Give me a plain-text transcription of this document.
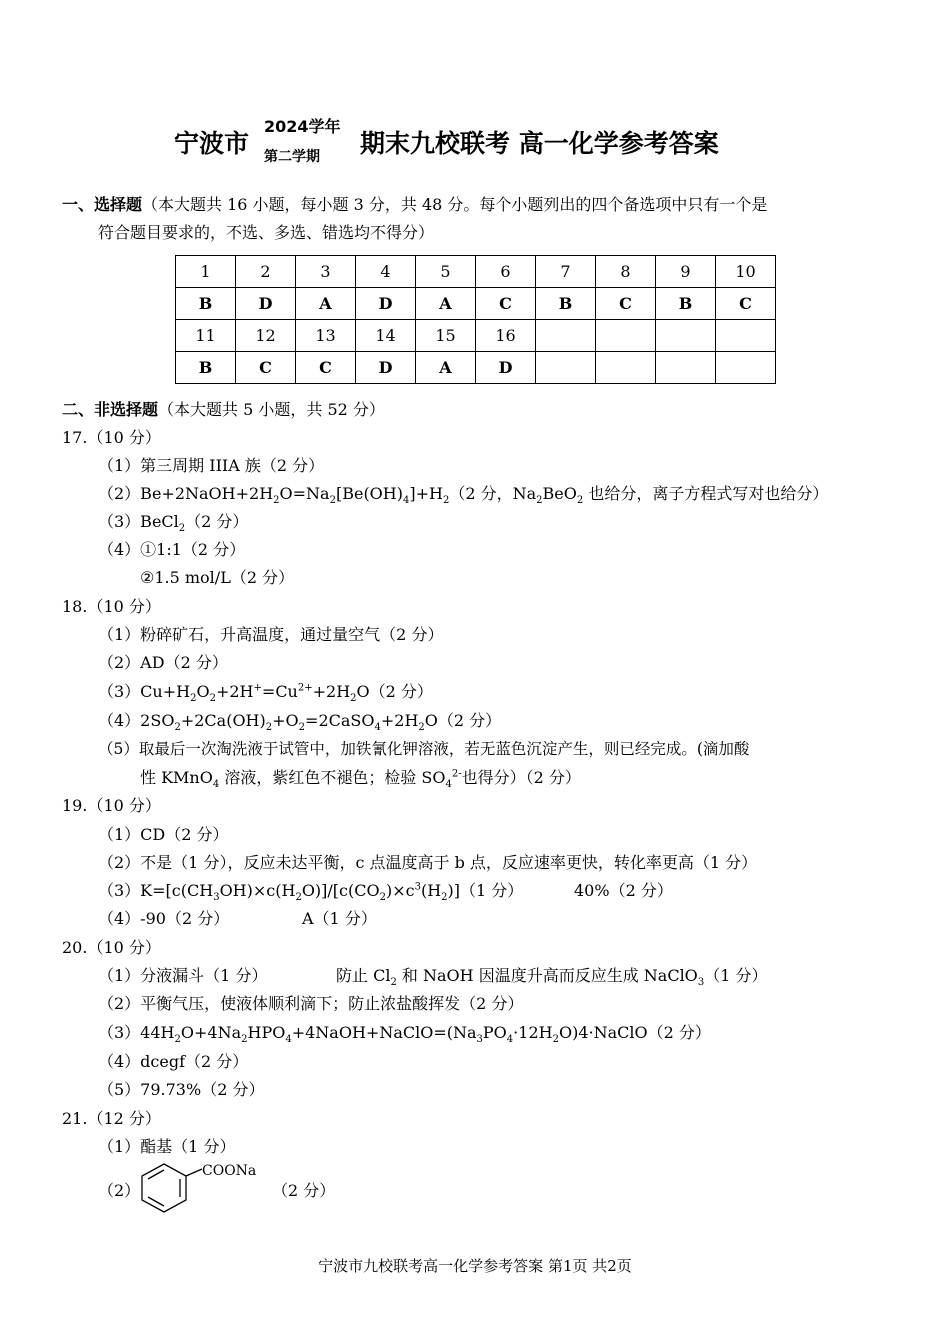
宁波市
2024学年
第二学期	期末九校联考 高一化学参考答案
一、选择题（本大题共 16 小题，每小题 3 分，共 48 分。每个小题列出的四个备选项中只有一个是
符合题目要求的，不选、多选、错选均不得分）
1	2	3	4	5	6	7	8	9	10
B	D	A	D	A	C	B	C	B	C
11	12	13	14	15	16				
B	C	C	D	A	D				
二、非选择题（本大题共 5 小题，共 52 分）
17.（10 分）
（1）第三周期 IIIA 族（2 分）
$(2)Be+2NaOH+2H_2O=Na_2[Be(OH)_4]+H_2(2$ 分，$Na_2BeO_2$ 也给分，离子方程式写对也给分）
（3）BeCl$_2$（2 分）
（4）①1:1（2 分）
②1.5 mol/L（2 分）
18.（10 分）
（1）粉碎矿石，升高温度，通过量空气（2 分）
（2）AD（2 分）
$(3)Cu+H_2O_2+2H^+=Cu^{2+}+2H_2O(2$ 分）
$(4)2SO_2+2Ca(OH)_2+O_2=2CaSO_4+2H_2O(2$ 分）
（5）取最后一次淘洗液于试管中，加铁氰化钾溶液，若无蓝色沉淀产生，则已经完成。(滴加酸
性 KMnO$_4$ 溶液，紫红色不褪色；检验 $SO_4^{2-}$也得分）（2 分）
19.（10 分）
（1）CD（2 分）
（2）不是（1 分），反应未达平衡，c 点温度高于 b 点，反应速率更快，转化率更高（1 分）
$(3)K=[c(CH_3OH)\times c(H_2O)]/[c(CO_2)\times c^3(H_2)](1$ 分）	40%（2 分）
（4）-90（2 分）	A（1 分）
20.（10 分）
（1）分液漏斗（1 分）	防止 $Cl_2$ 和 NaOH 因温度升高而反应生成 NaClO$_3$（1 分）
（2）平衡气压，使液体顺利滴下；防止浓盐酸挥发（2 分）
$(3)44H_2O+4Na_2HPO_4+4NaOH+NaClO=(Na_3PO_4\cdot 12H_2O)4\cdot NaClO(2$ 分）
（4）dcegf（2 分）
（5）79.73%（2 分）
21.（12 分）
（1）酯基（1 分）
（2）
COONa
（2 分）
宁波市九校联考高一化学参考答案 第1页 共2页
